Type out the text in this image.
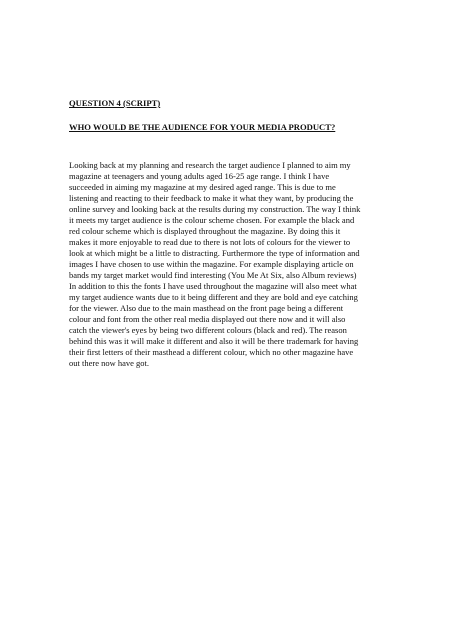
QUESTION 4 (SCRIPT)
WHO WOULD BE THE AUDIENCE FOR YOUR MEDIA PRODUCT?

Looking back at my planning and research the target audience I planned to aim my
magazine at teenagers and young adults aged 16-25 age range. I think I have
succeeded in aiming my magazine at my desired aged range. This is due to me
listening and reacting to their feedback to make it what they want, by producing the
online survey and looking back at the results during my construction. The way I think
it meets my target audience is the colour scheme chosen. For example the black and
red colour scheme which is displayed throughout the magazine. By doing this it
makes it more enjoyable to read due to there is not lots of colours for the viewer to
look at which might be a little to distracting. Furthermore the type of information and
images I have chosen to use within the magazine. For example displaying article on
bands my target market would find interesting (You Me At Six, also Album reviews)
In addition to this the fonts I have used throughout the magazine will also meet what
my target audience wants due to it being different and they are bold and eye catching
for the viewer. Also due to the main masthead on the front page being a different
colour and font from the other real media displayed out there now and it will also
catch the viewer's eyes by being two different colours (black and red). The reason
behind this was it will make it different and also it will be there trademark for having
their first letters of their masthead a different colour, which no other magazine have
out there now have got.
